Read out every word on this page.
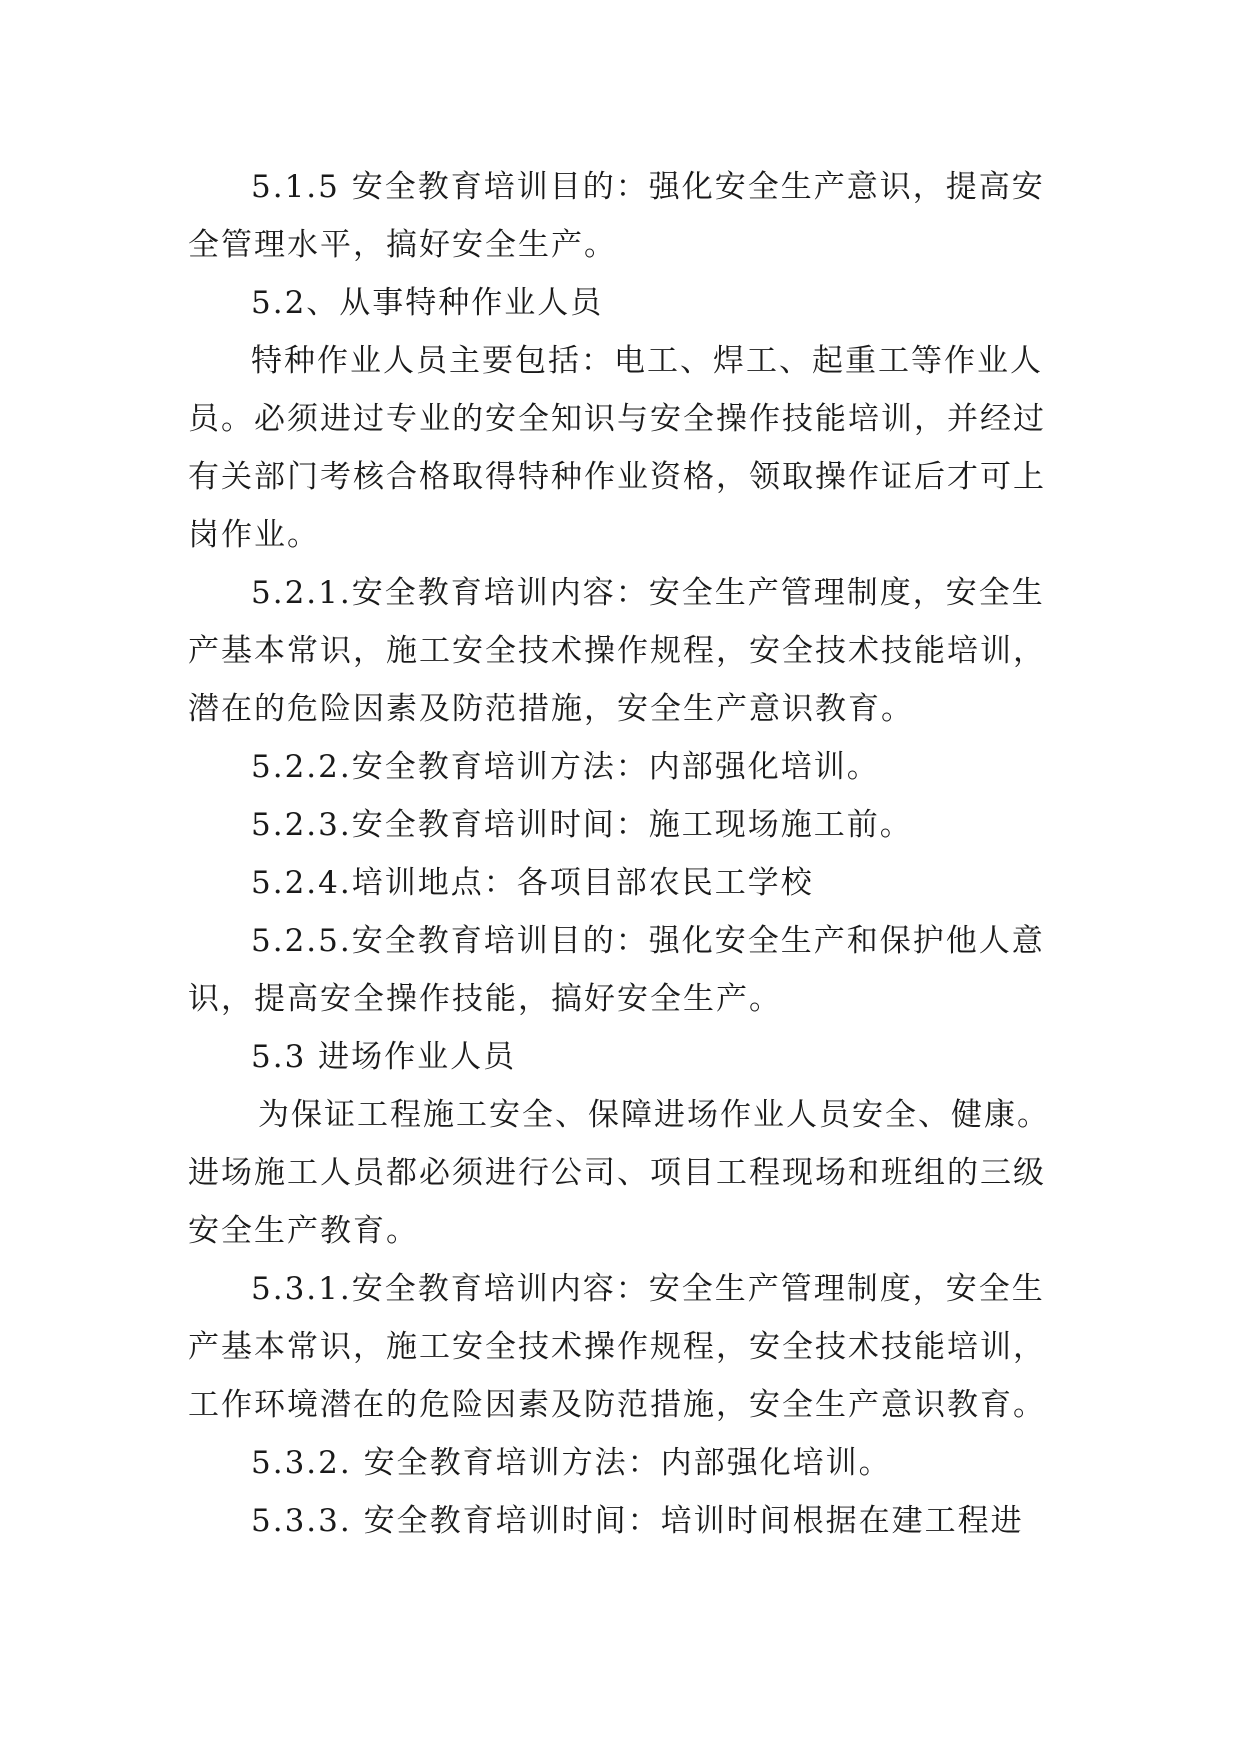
5.1.5 安全教育培训目的：强化安全生产意识，提高安
全管理水平，搞好安全生产。
5.2、从事特种作业人员
特种作业人员主要包括：电工、焊工、起重工等作业人
员。必须进过专业的安全知识与安全操作技能培训，并经过
有关部门考核合格取得特种作业资格，领取操作证后才可上
岗作业。
5.2.1.安全教育培训内容：安全生产管理制度，安全生
产基本常识，施工安全技术操作规程，安全技术技能培训，
潜在的危险因素及防范措施，安全生产意识教育。
5.2.2.安全教育培训方法：内部强化培训。
5.2.3.安全教育培训时间：施工现场施工前。
5.2.4.培训地点：各项目部农民工学校
5.2.5.安全教育培训目的：强化安全生产和保护他人意
识，提高安全操作技能，搞好安全生产。
5.3 进场作业人员
为保证工程施工安全、保障进场作业人员安全、健康。
进场施工人员都必须进行公司、项目工程现场和班组的三级
安全生产教育。
5.3.1.安全教育培训内容：安全生产管理制度，安全生
产基本常识，施工安全技术操作规程，安全技术技能培训，
工作环境潜在的危险因素及防范措施，安全生产意识教育。
5.3.2. 安全教育培训方法：内部强化培训。
5.3.3. 安全教育培训时间：培训时间根据在建工程进
